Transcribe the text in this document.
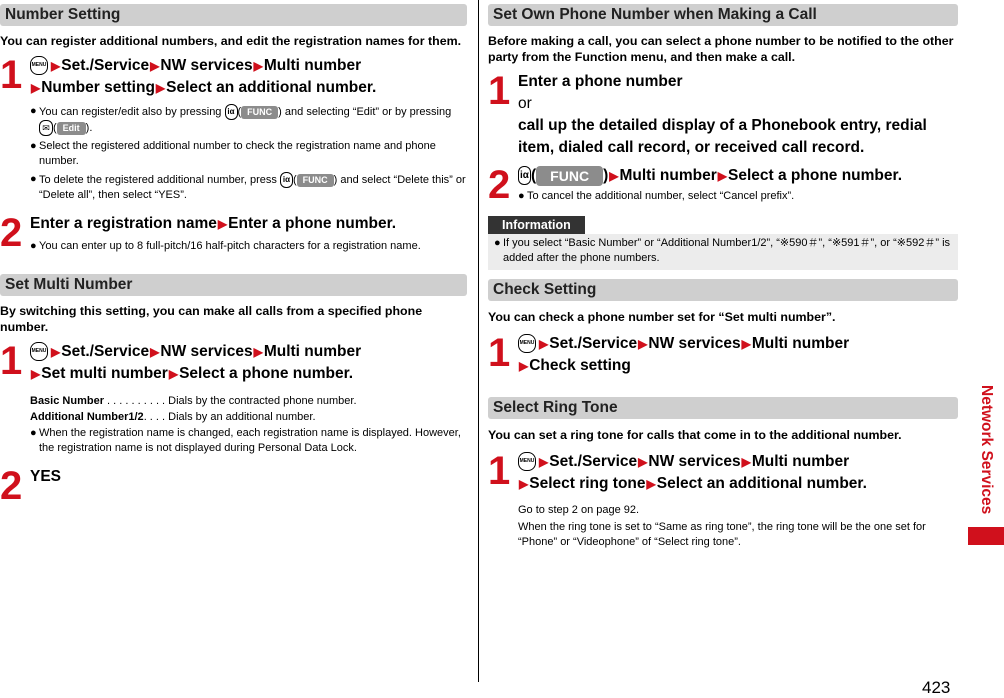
Number Setting

You can register additional numbers, and edit the registration names for them.

1	MENU ▶Set./Service▶NW services▶Multi number
▶Number setting▶Select an additional number.
● You can register/edit also by pressing iα ( FUNC ) and selecting “Edit” or by pressing ✉ ( Edit ).
● Select the registered additional number to check the registration name and phone number.
● To delete the registered additional number, press iα ( FUNC ) and select “Delete this” or “Delete all”, then select “YES”.
2 Enter a registration name▶Enter a phone number.
● You can enter up to 8 full-pitch/16 half-pitch characters for a registration name.
Set Multi Number

By switching this setting, you can make all calls from a specified phone number.

1	MENU ▶Set./Service▶NW services▶Multi number
▶Set multi number▶Select a phone number.
Basic Number . . . . . . . . . . Dials by the contracted phone number.
Additional Number1/2. . . . Dials by an additional number.
● When the registration name is changed, each registration name is displayed. However, the registration name is not displayed during Personal Data Lock.
2 YES
Set Own Phone Number when Making a Call

Before making a call, you can select a phone number to be notified to the other party from the Function menu, and then make a call.

1 Enter a phone number
or
call up the detailed display of a Phonebook entry, redial item, dialed call record, or received call record.
2 iα ( FUNC )▶Multi number▶Select a phone number.
● To cancel the additional number, select “Cancel prefix”.
Information
● If you select “Basic Number” or “Additional Number1/2”, “※590＃”, “※591＃”, or “※592＃” is added after the phone numbers.
Check Setting

You can check a phone number set for “Set multi number”.

1	MENU ▶Set./Service▶NW services▶Multi number
▶Check setting
Select Ring Tone

You can set a ring tone for calls that come in to the additional number.

1	MENU ▶Set./Service▶NW services▶Multi number
▶Select ring tone▶Select an additional number.
Go to step 2 on page 92.
When the ring tone is set to “Same as ring tone”, the ring tone will be the one set for “Phone” or “Videophone” of “Select ring tone”.
Network Services
423
